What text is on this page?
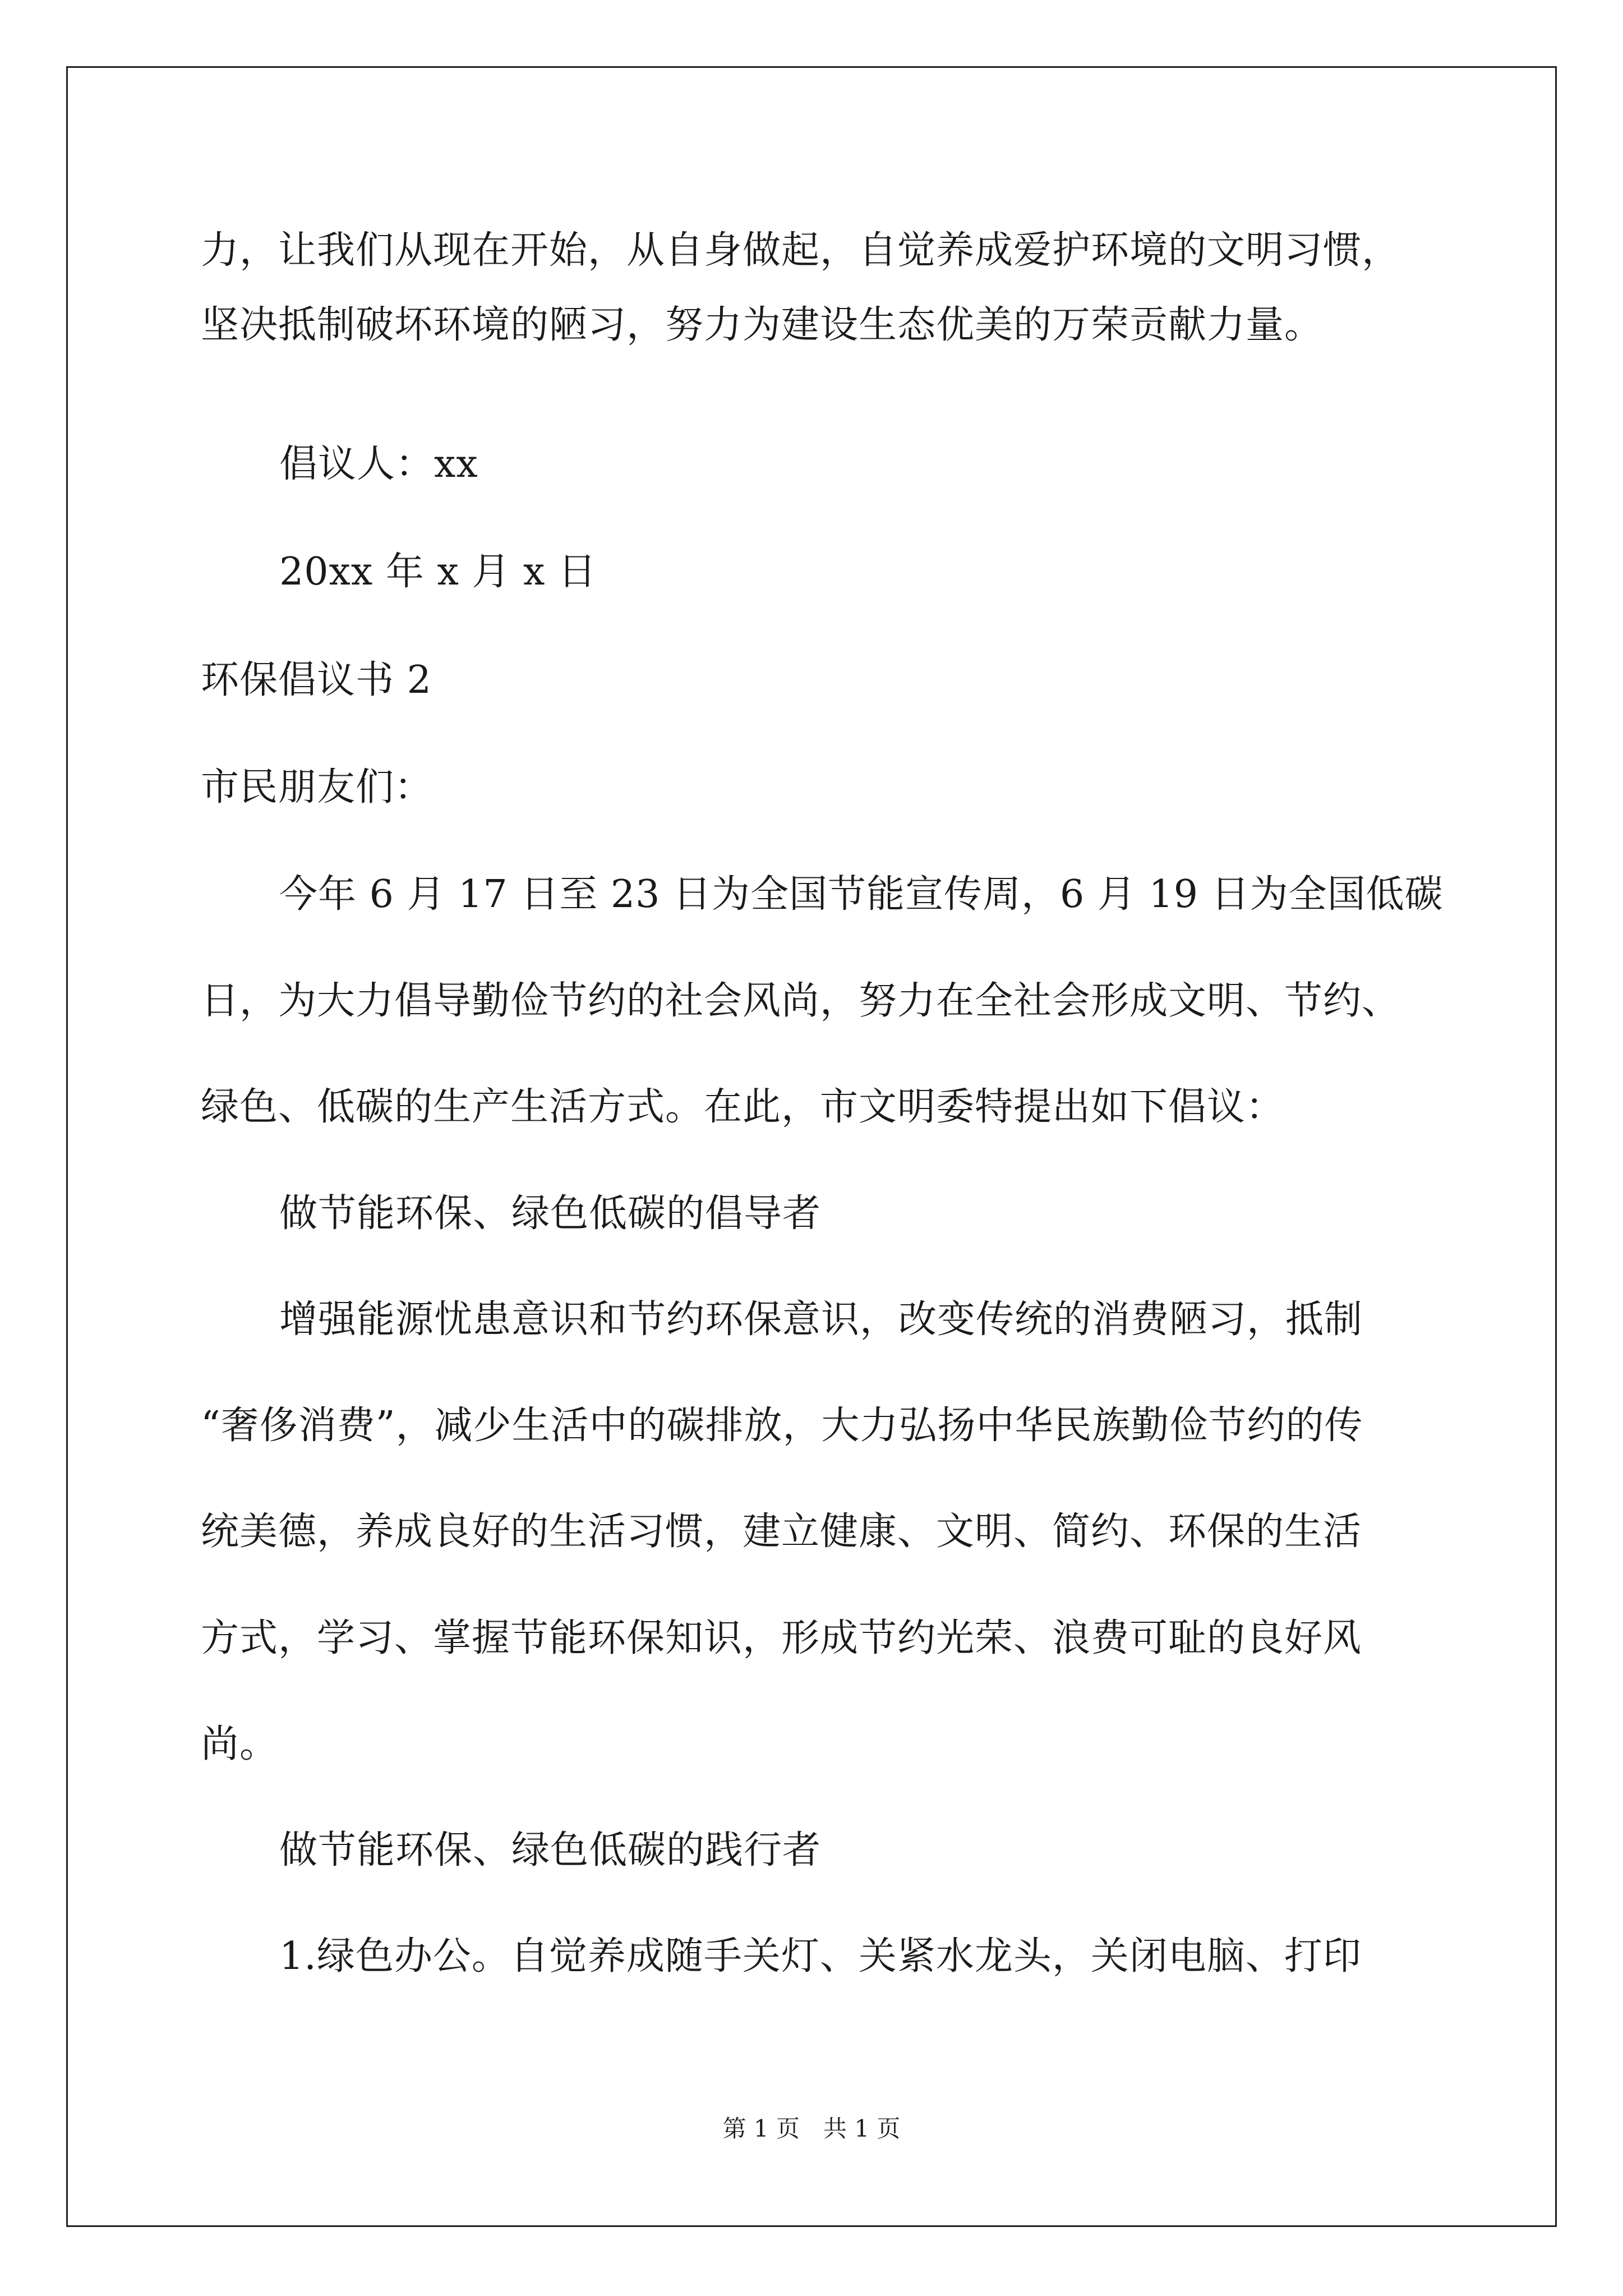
力，让我们从现在开始，从自身做起，自觉养成爱护环境的文明习惯，
坚决抵制破坏环境的陋习，努力为建设生态优美的万荣贡献力量。
倡议人：xx
20xx 年 x 月 x 日
环保倡议书 2
市民朋友们：
今年 6 月 17 日至 23 日为全国节能宣传周，6 月 19 日为全国低碳
日，为大力倡导勤俭节约的社会风尚，努力在全社会形成文明、节约、
绿色、低碳的生产生活方式。在此，市文明委特提出如下倡议：
做节能环保、绿色低碳的倡导者
增强能源忧患意识和节约环保意识，改变传统的消费陋习，抵制
“奢侈消费”，减少生活中的碳排放，大力弘扬中华民族勤俭节约的传
统美德，养成良好的生活习惯，建立健康、文明、简约、环保的生活
方式，学习、掌握节能环保知识，形成节约光荣、浪费可耻的良好风
尚。
做节能环保、绿色低碳的践行者
1.绿色办公。自觉养成随手关灯、关紧水龙头，关闭电脑、打印
第 1 页　共 1 页
